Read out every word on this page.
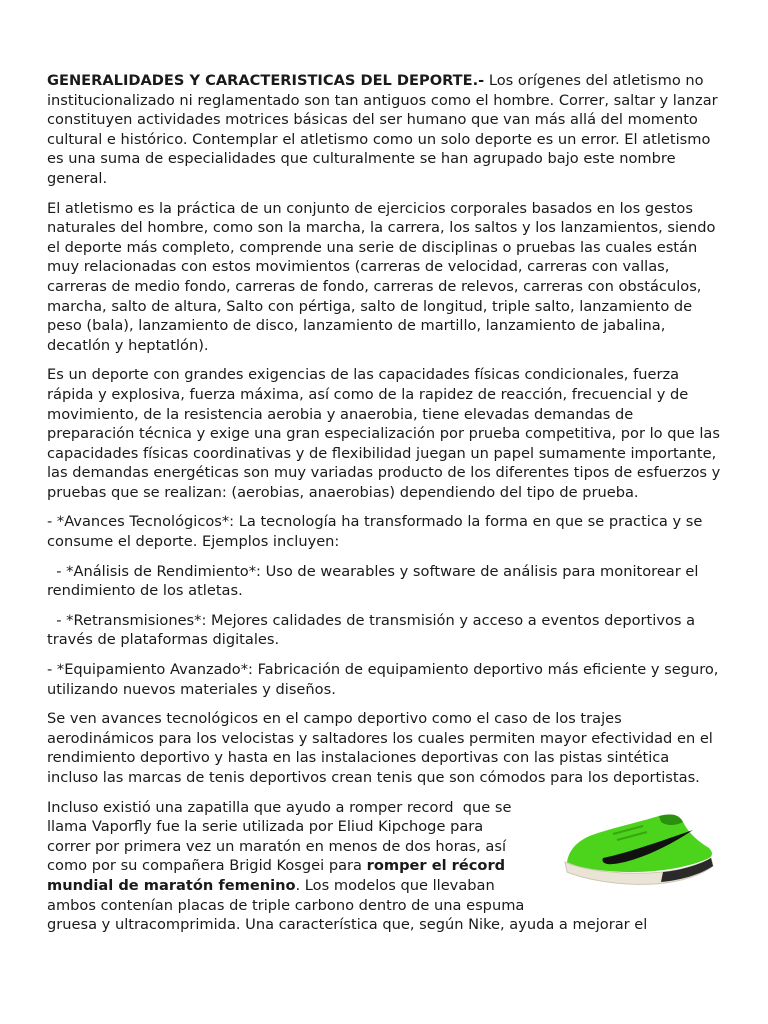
GENERALIDADES Y CARACTERISTICAS DEL DEPORTE.- Los orígenes del atletismo no institucionalizado ni reglamentado son tan antiguos como el hombre. Correr, saltar y lanzar constituyen actividades motrices básicas del ser humano que van más allá del momento cultural e histórico. Contemplar el atletismo como un solo deporte es un error. El atletismo es una suma de especialidades que culturalmente se han agrupado bajo este nombre general.

El atletismo es la práctica de un conjunto de ejercicios corporales basados en los gestos naturales del hombre, como son la marcha, la carrera, los saltos y los lanzamientos, siendo el deporte más completo, comprende una serie de disciplinas o pruebas las cuales están muy relacionadas con estos movimientos (carreras de velocidad, carreras con vallas, carreras de medio fondo, carreras de fondo, carreras de relevos, carreras con obstáculos, marcha, salto de altura, Salto con pértiga, salto de longitud, triple salto, lanzamiento de peso (bala), lanzamiento de disco, lanzamiento de martillo, lanzamiento de jabalina, decatlón y heptatlón).

Es un deporte con grandes exigencias de las capacidades físicas condicionales, fuerza rápida y explosiva, fuerza máxima, así como de la rapidez de reacción, frecuencial y de movimiento, de la resistencia aerobia y anaerobia, tiene elevadas demandas de preparación técnica y exige una gran especialización por prueba competitiva, por lo que las capacidades físicas coordinativas y de flexibilidad juegan un papel sumamente importante, las demandas energéticas son muy variadas producto de los diferentes tipos de esfuerzos y pruebas que se realizan: (aerobias, anaerobias) dependiendo del tipo de prueba.

- *Avances Tecnológicos*: La tecnología ha transformado la forma en que se practica y se consume el deporte. Ejemplos incluyen:

- *Análisis de Rendimiento*: Uso de wearables y software de análisis para monitorear el rendimiento de los atletas.

- *Retransmisiones*: Mejores calidades de transmisión y acceso a eventos deportivos a través de plataformas digitales.

- *Equipamiento Avanzado*: Fabricación de equipamiento deportivo más eficiente y seguro, utilizando nuevos materiales y diseños.

Se ven avances tecnológicos en el campo deportivo como el caso de los trajes aerodinámicos para los velocistas y saltadores los cuales permiten mayor efectividad en el rendimiento deportivo y hasta en las instalaciones deportivas con las pistas sintética incluso las marcas de tenis deportivos crean tenis que son cómodos para los deportistas.

Incluso existió una zapatilla que ayudo a romper record  que se llama Vaporfly fue la serie utilizada por Eliud Kipchoge para correr por primera vez un maratón en menos de dos horas, así como por su compañera Brigid Kosgei para romper el récord mundial de maratón femenino. Los modelos que llevaban ambos contenían placas de triple carbono dentro de una espuma gruesa y ultracomprimida. Una característica que, según Nike, ayuda a mejorar el
